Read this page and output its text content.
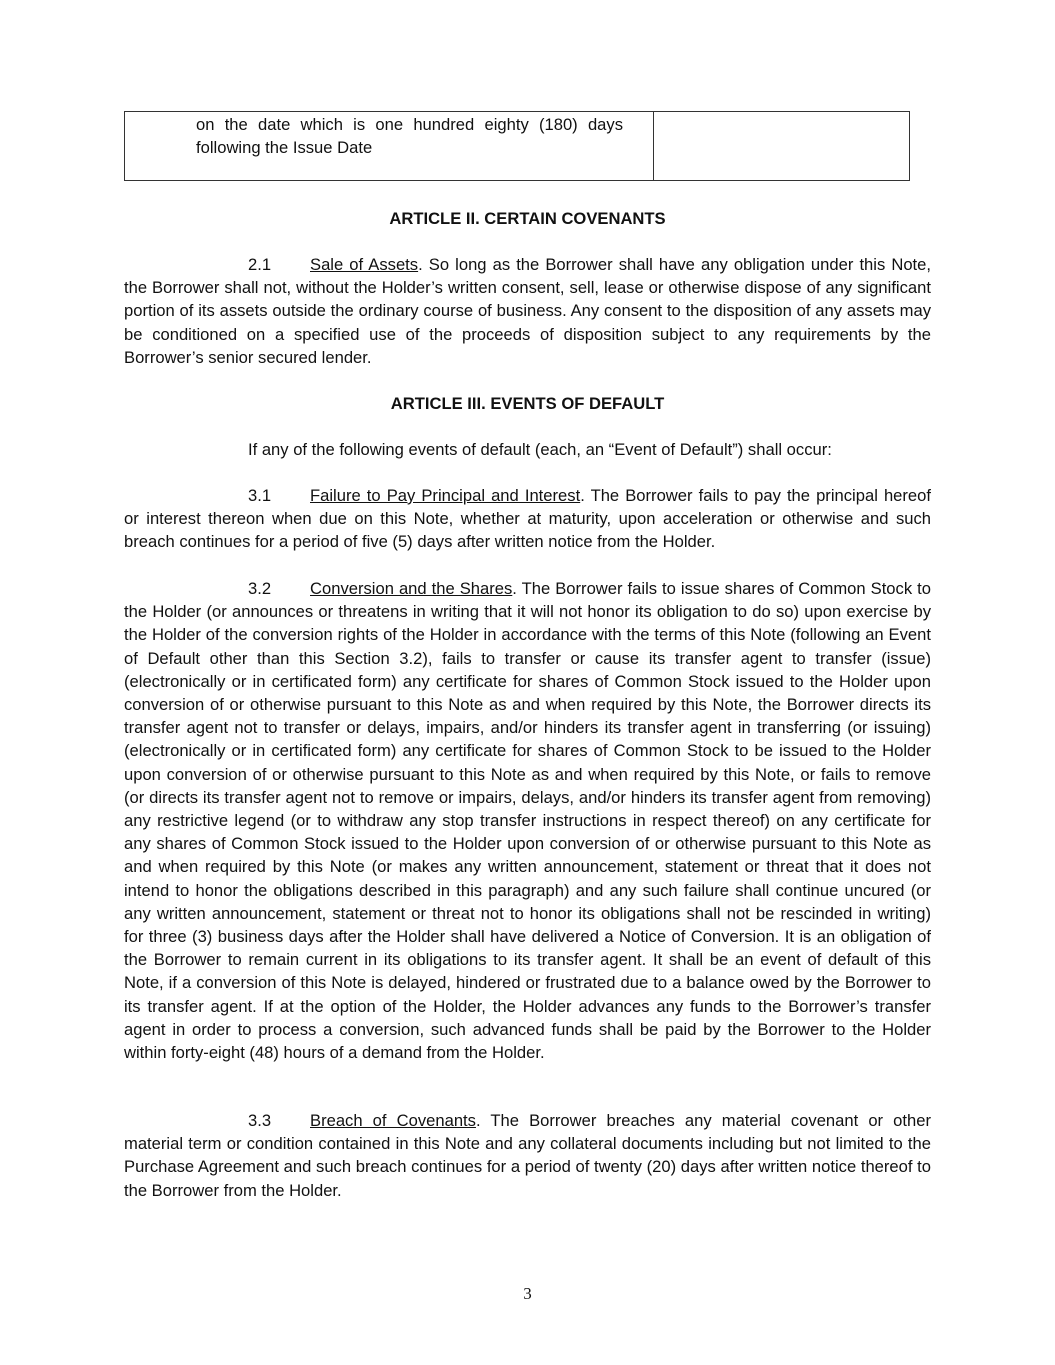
on the date which is one hundred eighty (180) days following the Issue Date
ARTICLE II. CERTAIN COVENANTS

2.1 Sale of Assets. So long as the Borrower shall have any obligation under this Note, the Borrower shall not, without the Holder’s written consent, sell, lease or otherwise dispose of any significant portion of its assets outside the ordinary course of business. Any consent to the disposition of any assets may be conditioned on a specified use of the proceeds of disposition subject to any requirements by the Borrower’s senior secured lender.

ARTICLE III. EVENTS OF DEFAULT

If any of the following events of default (each, an “Event of Default”) shall occur:

3.1 Failure to Pay Principal and Interest. The Borrower fails to pay the principal hereof or interest thereon when due on this Note, whether at maturity, upon acceleration or otherwise and such breach continues for a period of five (5) days after written notice from the Holder.

3.2 Conversion and the Shares. The Borrower fails to issue shares of Common Stock to the Holder (or announces or threatens in writing that it will not honor its obligation to do so) upon exercise by the Holder of the conversion rights of the Holder in accordance with the terms of this Note (following an Event of Default other than this Section 3.2), fails to transfer or cause its transfer agent to transfer (issue) (electronically or in certificated form) any certificate for shares of Common Stock issued to the Holder upon conversion of or otherwise pursuant to this Note as and when required by this Note, the Borrower directs its transfer agent not to transfer or delays, impairs, and/or hinders its transfer agent in transferring (or issuing) (electronically or in certificated form) any certificate for shares of Common Stock to be issued to the Holder upon conversion of or otherwise pursuant to this Note as and when required by this Note, or fails to remove (or directs its transfer agent not to remove or impairs, delays, and/or hinders its transfer agent from removing) any restrictive legend (or to withdraw any stop transfer instructions in respect thereof) on any certificate for any shares of Common Stock issued to the Holder upon conversion of or otherwise pursuant to this Note as and when required by this Note (or makes any written announcement, statement or threat that it does not intend to honor the obligations described in this paragraph) and any such failure shall continue uncured (or any written announcement, statement or threat not to honor its obligations shall not be rescinded in writing) for three (3) business days after the Holder shall have delivered a Notice of Conversion. It is an obligation of the Borrower to remain current in its obligations to its transfer agent. It shall be an event of default of this Note, if a conversion of this Note is delayed, hindered or frustrated due to a balance owed by the Borrower to its transfer agent. If at the option of the Holder, the Holder advances any funds to the Borrower’s transfer agent in order to process a conversion, such advanced funds shall be paid by the Borrower to the Holder within forty-eight (48) hours of a demand from the Holder.

3.3 Breach of Covenants. The Borrower breaches any material covenant or other material term or condition contained in this Note and any collateral documents including but not limited to the Purchase Agreement and such breach continues for a period of twenty (20) days after written notice thereof to the Borrower from the Holder.

3
